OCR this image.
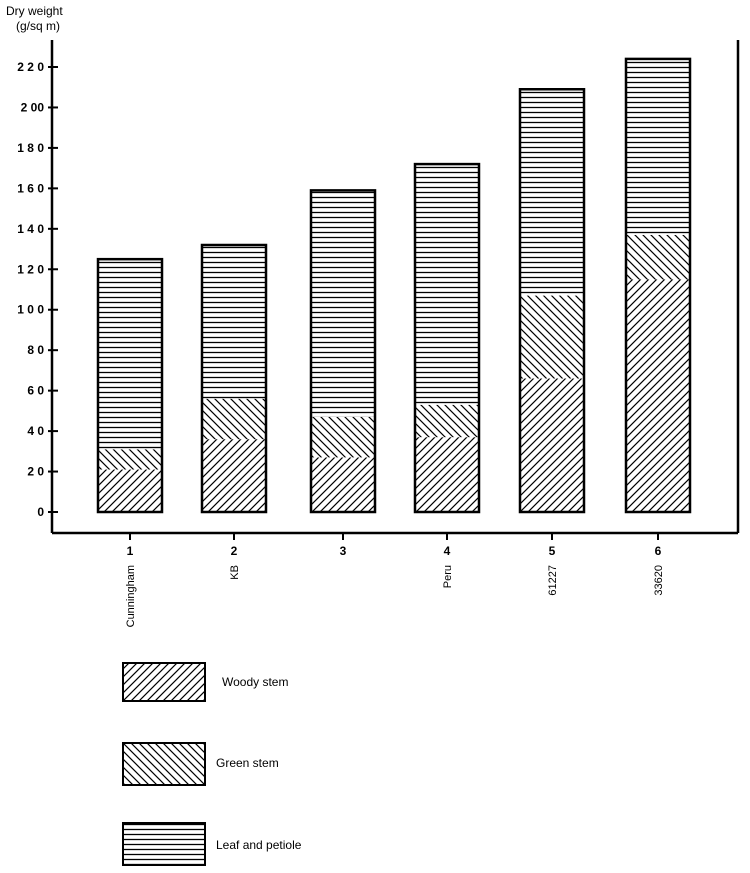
Dry weight
(g/sq m)
0
2 0
4 0
6 0
8 0
1 0 0
1 2 0
1 4 0
1 6 0
1 8 0
2 00
2 2 0
1
Cunningham
2
KB
3	4
Peru
5
61227
6
33620
Woody stem
Green stem
Leaf and petiole
